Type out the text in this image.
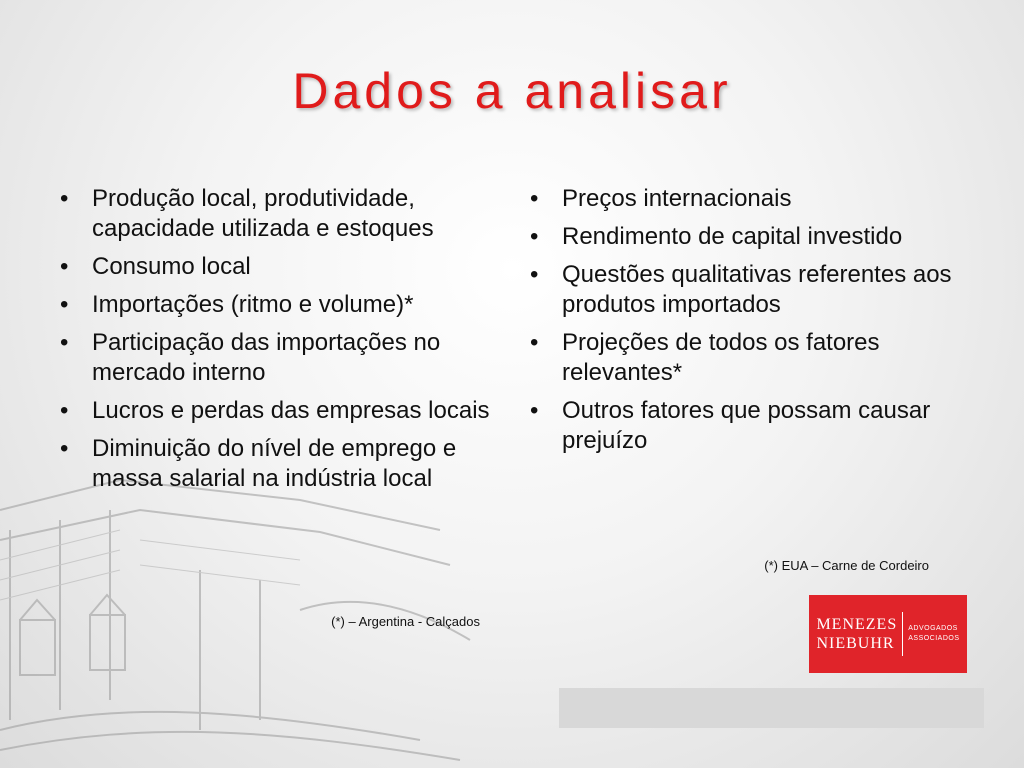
Dados a analisar
• Produção local, produtividade, capacidade utilizada e estoques
• Consumo local
• Importações (ritmo e volume)*
• Participação das importações no mercado interno
• Lucros e perdas das empresas locais
• Diminuição do nível de emprego e massa salarial na indústria local
(*) – Argentina - Calçados
• Preços internacionais
• Rendimento de capital investido
• Questões qualitativas referentes aos produtos importados
• Projeções de todos os fatores relevantes*
• Outros fatores que possam causar prejuízo
(*) EUA – Carne de Cordeiro
MENEZES
NIEBUHR
ADVOGADOS
ASSOCIADOS
